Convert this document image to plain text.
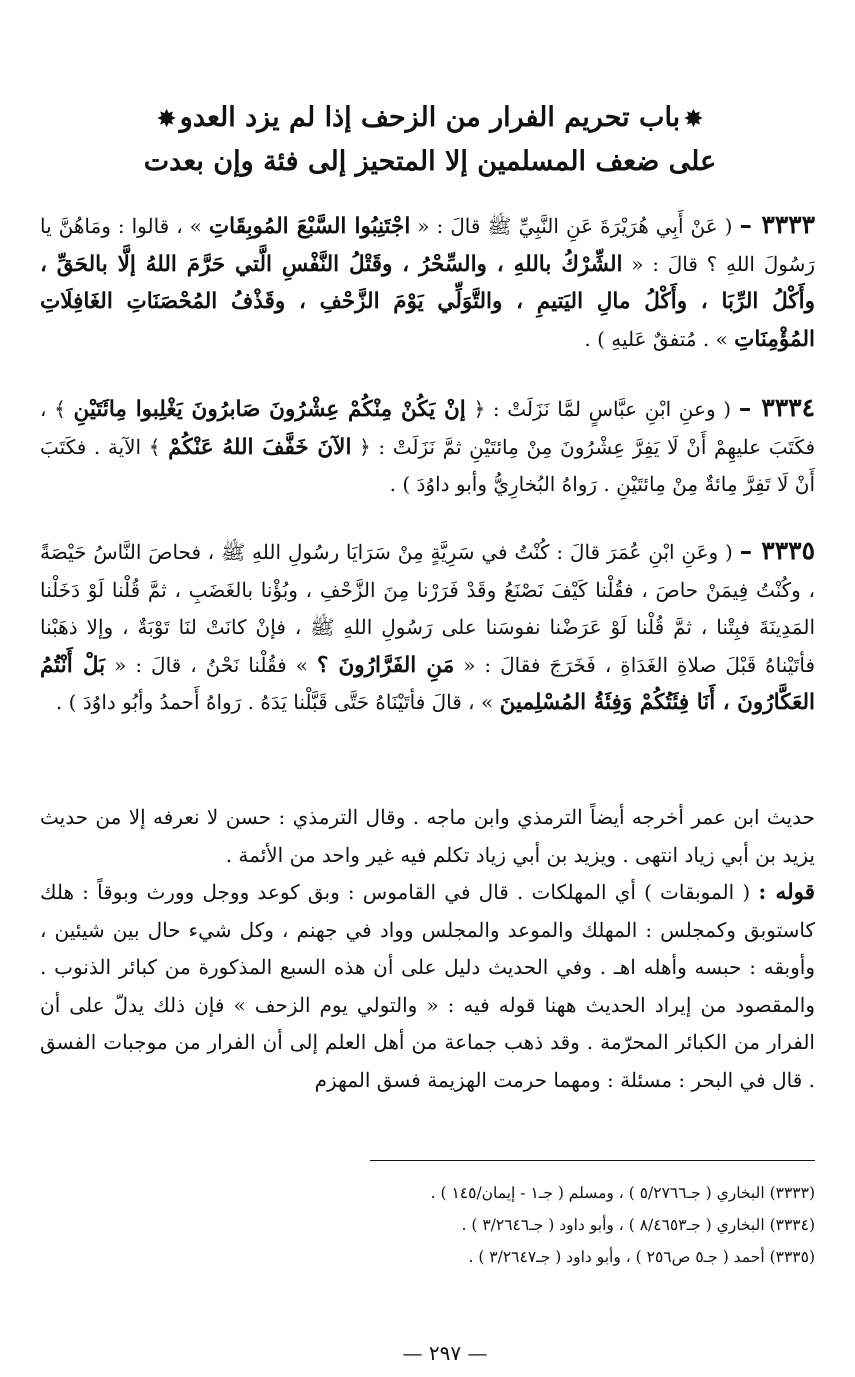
✸باب تحريم الفرار من الزحف إذا لم يزد العدو✸
على ضعف المسلمين إلا المتحيز إلى فئة وإن بعدت

٣٣٣٣ – ( عَنْ أَبِي هُرَيْرَةَ عَنِ النَّبِيِّ ﷺ قالَ : « اجْتَنِبُوا السَّبْعَ المُوبِقَاتِ » ، قالوا : ومَاهُنَّ يا رَسُولَ اللهِ ؟ قالَ : « الشِّرْكُ باللهِ ، والسِّحْرُ ، وقَتْلُ النَّفْسِ الَّتي حَرَّمَ اللهُ إلَّا بالحَقِّ ، وأَكْلُ الرِّبَا ، وأَكْلُ مالِ اليَتيمِ ، والتَّوَلِّي يَوْمَ الزَّحْفِ ، وقَذْفُ المُحْصَنَاتِ الغَافِلَاتِ المُؤْمِنَاتِ » . مُتفقٌ عَليهِ ) .

٣٣٣٤ – ( وعنِ ابْنِ عبَّاسٍ لمَّا نَزَلَتْ : ﴿ إنْ يَكُنْ مِنْكُمْ عِشْرُونَ صَابرُونَ يَغْلِبوا مِائَتَيْنِ ﴾ ، فكَتَبَ عليهِمْ أَنْ لَا يَفِرَّ عِشْرُونَ مِنْ مِائتَيْنِ ثمَّ نَزَلَتْ : ﴿ الآنَ خَفَّفَ اللهُ عَنْكُمْ ﴾ الآية . فكَتَبَ أَنْ لَا تَفِرَّ مِائةٌ مِنْ مِائتَيْنِ . رَواهُ البُخارِيُّ وأبو داوُدَ ) .

٣٣٣٥ – ( وعَنِ ابْنِ عُمَرَ قالَ : كُنْتُ في سَرِيَّةٍ مِنْ سَرَايَا رسُولِ اللهِ ﷺ ، فحاصَ النَّاسُ حَيْصَةً ، وكُنْتُ فِيمَنْ حاصَ ، فقُلْنا كَيْفَ نَصْنَعُ وقَدْ فَرَرْنا مِنَ الزَّحْفِ ، وبُؤْنا بالغَضَبِ ، ثمَّ قُلْنا لَوْ دَخَلْنا المَدِينَةَ فبِتْنا ، ثمَّ قُلْنا لَوْ عَرَضْنا نفوسَنا على رَسُولِ اللهِ ﷺ ، فإنْ كانَتْ لنَا تَوْبَةٌ ، وإلا ذهَبْنا فأتَيْناهُ قَبْلَ صلاةِ الغَدَاةِ ، فَخَرَجَ فقالَ : « مَنِ الفَرَّارُونَ ؟ » فقُلْنا نَحْنُ ، قالَ : « بَلْ أَنْتُمُ العَكَّارُونَ ، أَنَا فِئَتُكُمْ وَفِئَةُ المُسْلِمينَ » ، قالَ فأتَيْنَاهُ حَتَّى قَبَّلْنا يَدَهُ . رَواهُ أَحمدُ وأبُو داوُدَ ) .

حديث ابن عمر أخرجه أيضاً الترمذي وابن ماجه . وقال الترمذي : حسن لا نعرفه إلا من حديث يزيد بن أبي زياد انتهى . ويزيد بن أبي زياد تكلم فيه غير واحد من الأئمة .

قوله : ( الموبقات ) أي المهلكات . قال في القاموس : وبق كوعد ووجل وورث وبوقاً : هلك كاستوبق وكمجلس : المهلك والموعد والمجلس وواد في جهنم ، وكل شيء حال بين شيئين ، وأوبقه : حبسه وأهله اهـ . وفي الحديث دليل على أن هذه السبع المذكورة من كبائر الذنوب . والمقصود من إيراد الحديث ههنا قوله فيه : « والتولي يوم الزحف » فإن ذلك يدلّ على أن الفرار من الكبائر المحرّمة . وقد ذهب جماعة من أهل العلم إلى أن الفرار من موجبات الفسق . قال في البحر : مسئلة : ومهما حرمت الهزيمة فسق المهزم

(٣٣٣٣) البخاري ( جـ٥/٢٧٦٦ ) ، ومسلم ( جـ١ - إيمان/١٤٥ ) .
(٣٣٣٤) البخاري ( جـ٨/٤٦٥٣ ) ، وأبو داود ( جـ٣/٢٦٤٦ ) .
(٣٣٣٥) أحمد ( جـ٥ ص٢٥٦ ) ، وأبو داود ( جـ٣/٢٦٤٧ ) .
— ٢٩٧ —
